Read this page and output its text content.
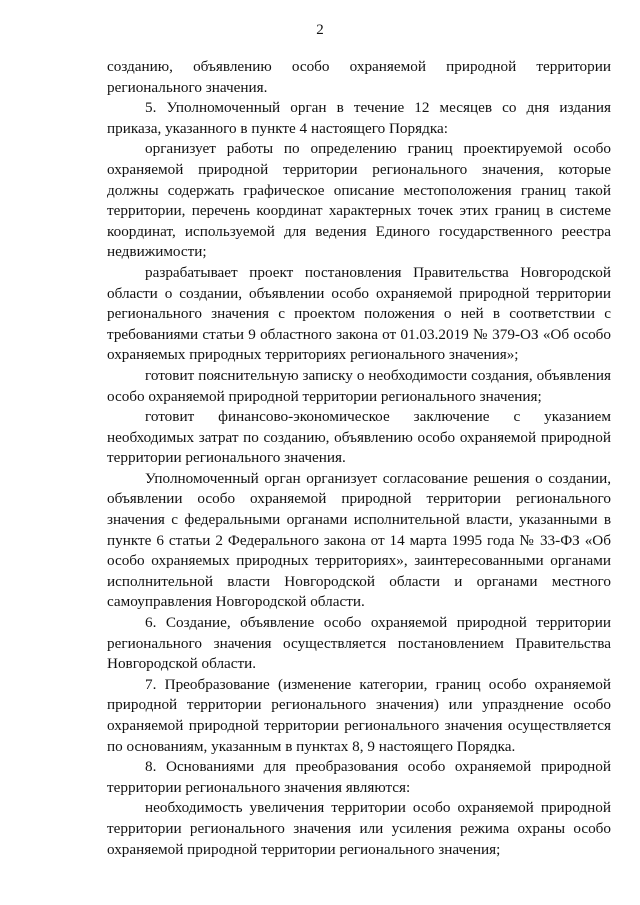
2

созданию, объявлению особо охраняемой природной территории регионального значения.

5. Уполномоченный орган в течение 12 месяцев со дня издания приказа, указанного в пункте 4 настоящего Порядка:

организует работы по определению границ проектируемой особо охраняемой природной территории регионального значения, которые должны содержать графическое описание местоположения границ такой территории, перечень координат характерных точек этих границ в системе координат, используемой для ведения Единого государственного реестра недвижимости;

разрабатывает проект постановления Правительства Новгородской области о создании, объявлении особо охраняемой природной территории регионального значения с проектом положения о ней в соответствии с требованиями статьи 9 областного закона от 01.03.2019 № 379-ОЗ «Об особо охраняемых природных территориях регионального значения»;

готовит пояснительную записку о необходимости создания, объявления особо охраняемой природной территории регионального значения;

готовит финансово-экономическое заключение с указанием необходимых затрат по созданию, объявлению особо охраняемой природной территории регионального значения.

Уполномоченный орган организует согласование решения о создании, объявлении особо охраняемой природной территории регионального значения с федеральными органами исполнительной власти, указанными в пункте 6 статьи 2 Федерального закона от 14 марта 1995 года № 33-ФЗ «Об особо охраняемых природных территориях», заинтересованными органами исполнительной власти Новгородской области и органами местного самоуправления Новгородской области.

6. Создание, объявление особо охраняемой природной территории регионального значения осуществляется постановлением Правительства Новгородской области.

7. Преобразование (изменение категории, границ особо охраняемой природной территории регионального значения) или упразднение особо охраняемой природной территории регионального значения осуществляется по основаниям, указанным в пунктах 8, 9 настоящего Порядка.

8. Основаниями для преобразования особо охраняемой природной территории регионального значения являются:

необходимость увеличения территории особо охраняемой природной территории регионального значения или усиления режима охраны особо охраняемой природной территории регионального значения;
